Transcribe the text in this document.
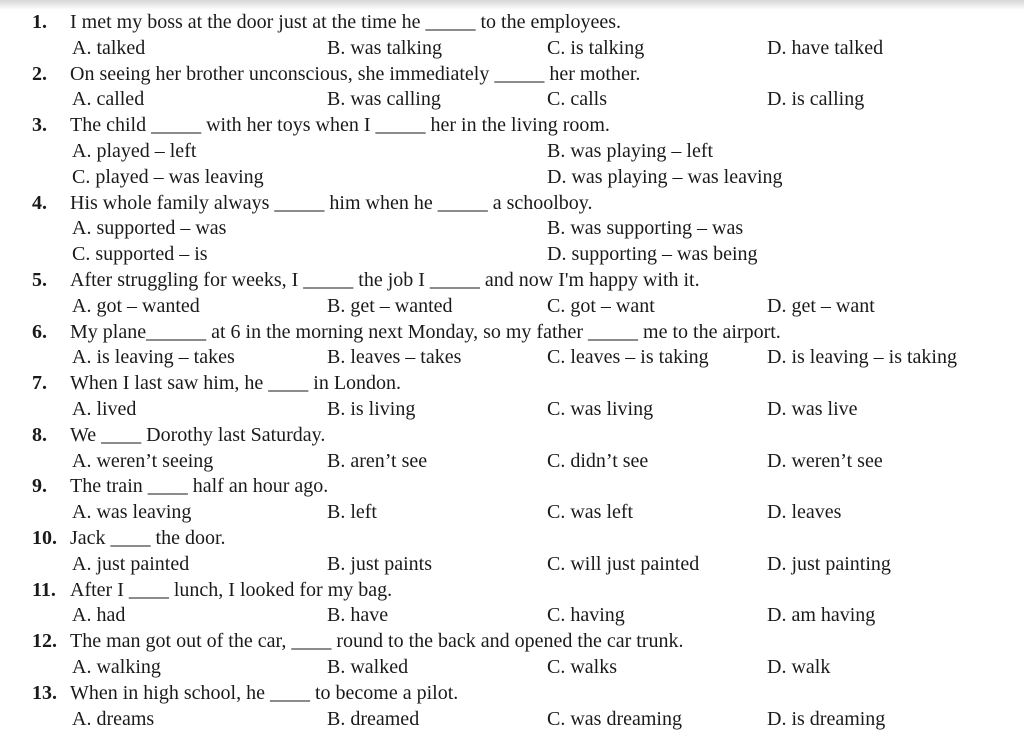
1. I met my boss at the door just at the time he _____ to the employees.
A. talked	B. was talking	C. is talking	D. have talked
2. On seeing her brother unconscious, she immediately _____ her mother.
A. called	B. was calling	C. calls	D. is calling
3. The child _____ with her toys when I _____ her in the living room.
A. played – left	B. was playing – left
C. played – was leaving	D. was playing – was leaving
4. His whole family always _____ him when he _____ a schoolboy.
A. supported – was	B. was supporting – was
C. supported – is	D. supporting – was being
5. After struggling for weeks, I _____ the job I _____ and now I'm happy with it.
A. got – wanted	B. get – wanted	C. got – want	D. get – want
6. My plane______ at 6 in the morning next Monday, so my father _____ me to the airport.
A. is leaving – takes	B. leaves – takes	C. leaves – is taking	D. is leaving – is taking
7. When I last saw him, he ____ in London.
A. lived	B. is living	C. was living	D. was live
8. We ____ Dorothy last Saturday.
A. weren’t seeing	B. aren’t see	C. didn’t see	D. weren’t see
9. The train ____ half an hour ago.
A. was leaving	B. left	C. was left	D. leaves
10. Jack ____ the door.
A. just painted	B. just paints	C. will just painted	D. just painting
11. After I ____ lunch, I looked for my bag.
A. had	B. have	C. having	D. am having
12. The man got out of the car, ____ round to the back and opened the car trunk.
A. walking	B. walked	C. walks	D. walk
13. When in high school, he ____ to become a pilot.
A. dreams	B. dreamed	C. was dreaming	D. is dreaming
